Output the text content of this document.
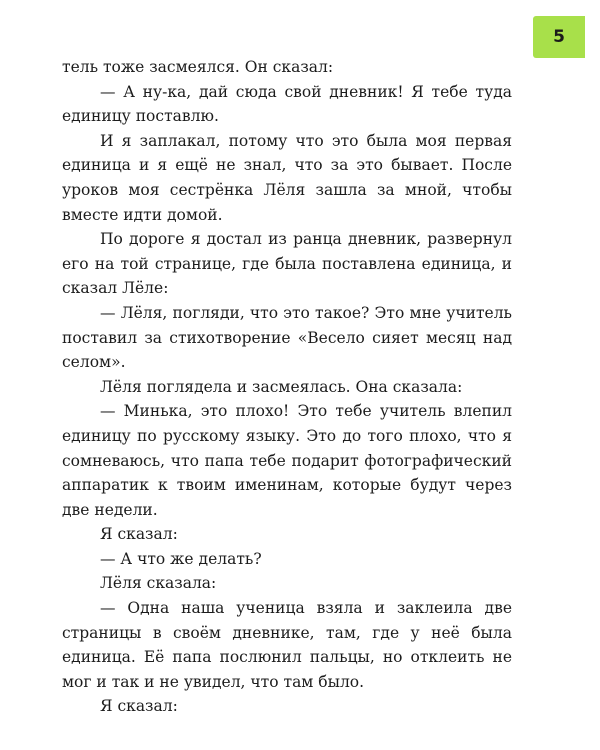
5

тель тоже засмеялся. Он сказал:

— А ну-ка, дай сюда свой дневник! Я тебе туда единицу поставлю.

И я заплакал, потому что это была моя первая единица и я ещё не знал, что за это бывает. После уроков моя сестрёнка Лёля зашла за мной, чтобы вместе идти домой.

По дороге я достал из ранца дневник, развернул его на той странице, где была поставлена единица, и сказал Лёле:

— Лёля, погляди, что это такое? Это мне учитель поставил за стихотворение «Весело сияет месяц над селом».

Лёля поглядела и засмеялась. Она сказала:

— Минька, это плохо! Это тебе учитель влепил единицу по русскому языку. Это до того плохо, что я сомневаюсь, что папа тебе подарит фотографический аппаратик к твоим именинам, которые будут через две недели.

Я сказал:

— А что же делать?

Лёля сказала:

— Одна наша ученица взяла и заклеила две страницы в своём дневнике, там, где у неё была единица. Её папа послюнил пальцы, но отклеить не мог и так и не увидел, что там было.

Я сказал:
